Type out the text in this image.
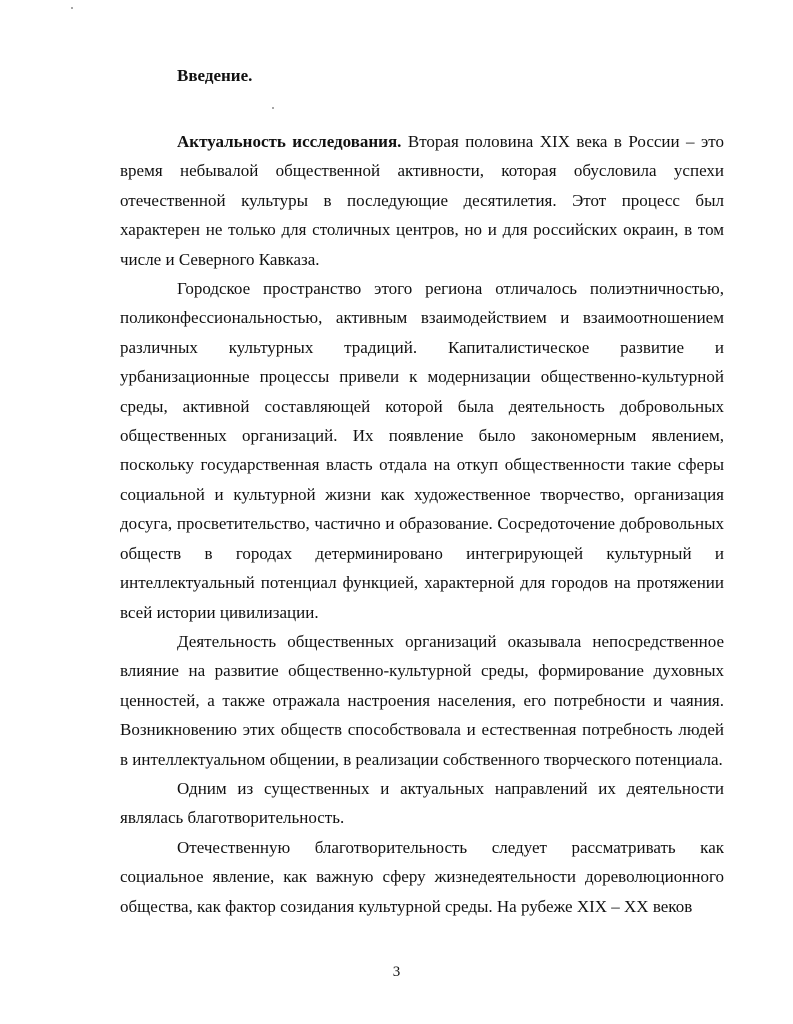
Введение.

Актуальность исследования. Вторая половина XIX века в России – это время небывалой общественной активности, которая обусловила успехи отечественной культуры в последующие десятилетия. Этот процесс был характерен не только для столичных центров, но и для российских окраин, в том числе и Северного Кавказа.

Городское пространство этого региона отличалось полиэтничностью, поликонфессиональностью, активным взаимодействием и взаимоотношением различных культурных традиций. Капиталистическое развитие и урбанизационные процессы привели к модернизации общественно-культурной среды, активной составляющей которой была деятельность добровольных общественных организаций. Их появление было закономерным явлением, поскольку государственная власть отдала на откуп общественности такие сферы социальной и культурной жизни как художественное творчество, организация досуга, просветительство, частично и образование. Сосредоточение добровольных обществ в городах детерминировано интегрирующей культурный и интеллектуальный потенциал функцией, характерной для городов на протяжении всей истории цивилизации.

Деятельность общественных организаций оказывала непосредственное влияние на развитие общественно-культурной среды, формирование духовных ценностей, а также отражала настроения населения, его потребности и чаяния. Возникновению этих обществ способствовала и естественная потребность людей в интеллектуальном общении, в реализации собственного творческого потенциала.

Одним из существенных и актуальных направлений их деятельности являлась благотворительность.

Отечественную благотворительность следует рассматривать как социальное явление, как важную сферу жизнедеятельности дореволюционного общества, как фактор созидания культурной среды. На рубеже XIX – XX веков

3
